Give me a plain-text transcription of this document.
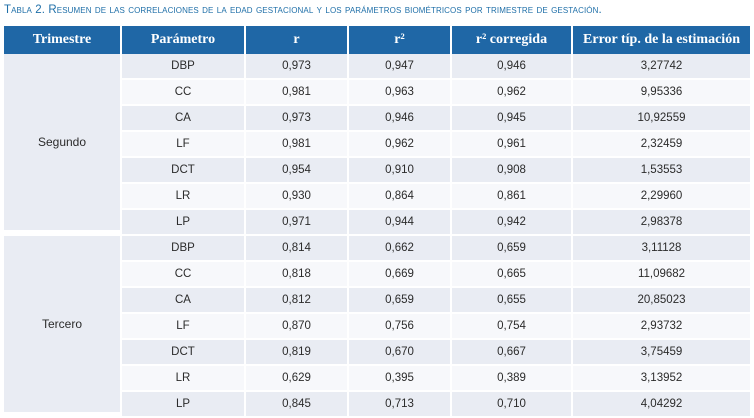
Tabla 2. Resumen de las correlaciones de la edad gestacional y los parámetros biométricos por trimestre de gestación.
Trimestre	Parámetro	r	r²	r² corregida	Error típ. de la estimación
Segundo	DBP	0,973	0,947	0,946	3,27742
	CC	0,981	0,963	0,962	9,95336
	CA	0,973	0,946	0,945	10,92559
	LF	0,981	0,962	0,961	2,32459
	DCT	0,954	0,910	0,908	1,53553
	LR	0,930	0,864	0,861	2,29960
	LP	0,971	0,944	0,942	2,98378
Tercero	DBP	0,814	0,662	0,659	3,11128
	CC	0,818	0,669	0,665	11,09682
	CA	0,812	0,659	0,655	20,85023
	LF	0,870	0,756	0,754	2,93732
	DCT	0,819	0,670	0,667	3,75459
	LR	0,629	0,395	0,389	3,13952
	LP	0,845	0,713	0,710	4,04292
